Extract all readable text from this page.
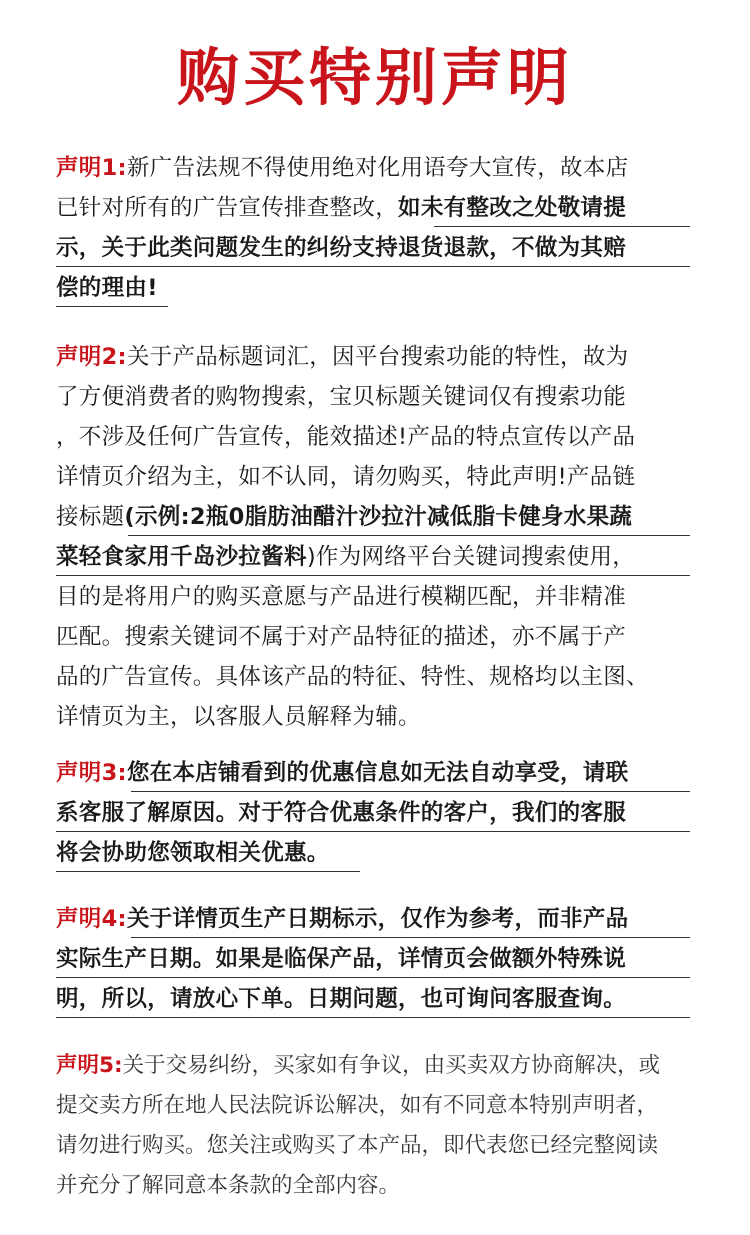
购买特别声明
声明1:新广告法规不得使用绝对化用语夸大宣传，故本店
已针对所有的广告宣传排查整改，如未有整改之处敬请提
示，关于此类问题发生的纠纷支持退货退款，不做为其赔
偿的理由!
声明2:关于产品标题词汇，因平台搜索功能的特性，故为
了方便消费者的购物搜索，宝贝标题关键词仅有搜索功能
，不涉及任何广告宣传，能效描述!产品的特点宣传以产品
详情页介绍为主，如不认同，请勿购买，特此声明!产品链
接标题(示例:2瓶0脂肪油醋汁沙拉汁减低脂卡健身水果蔬
菜轻食家用千岛沙拉酱料)作为网络平台关键词搜索使用，
目的是将用户的购买意愿与产品进行模糊匹配，并非精准
匹配。搜索关键词不属于对产品特征的描述，亦不属于产
品的广告宣传。具体该产品的特征、特性、规格均以主图、
详情页为主，以客服人员解释为辅。
声明3:您在本店铺看到的优惠信息如无法自动享受，请联
系客服了解原因。对于符合优惠条件的客户，我们的客服
将会协助您领取相关优惠。
声明4:关于详情页生产日期标示，仅作为参考，而非产品
实际生产日期。如果是临保产品，详情页会做额外特殊说
明，所以，请放心下单。日期问题，也可询问客服查询。
声明5:关于交易纠纷，买家如有争议，由买卖双方协商解决，或
提交卖方所在地人民法院诉讼解决，如有不同意本特别声明者，
请勿进行购买。您关注或购买了本产品，即代表您已经完整阅读
并充分了解同意本条款的全部内容。
